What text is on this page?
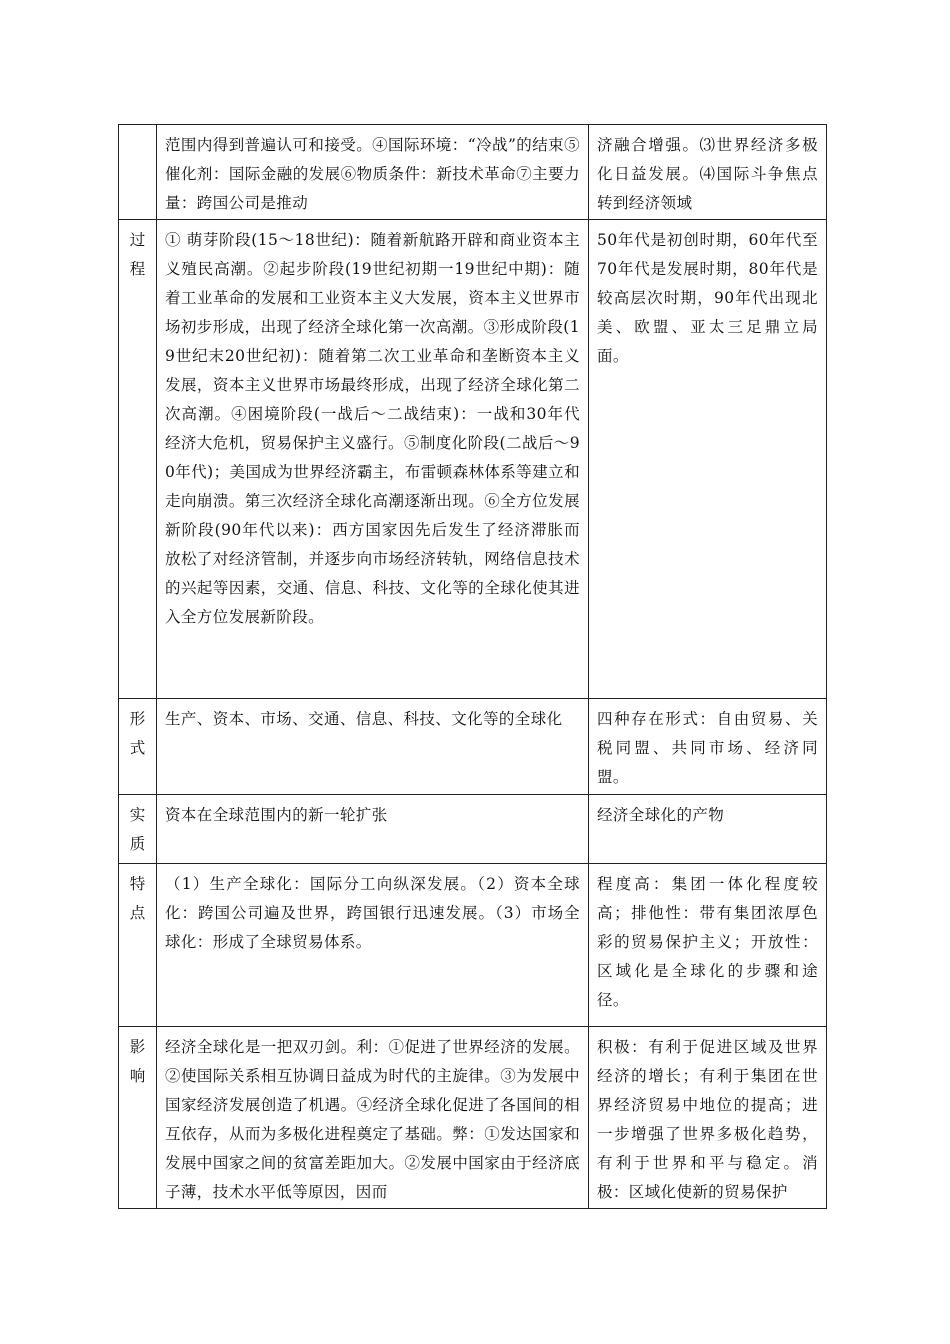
	范围内得到普遍认可和接受。④国际环境：“冷战”的结束⑤催化剂：国际金融的发展⑥物质条件：新技术革命⑦主要力量：跨国公司是推动	济融合增强。⑶世界经济多极化日益发展。⑷国际斗争焦点转到经济领域

过程	① 萌芽阶段(15～18世纪)：随着新航路开辟和商业资本主义殖民高潮。②起步阶段(19世纪初期一19世纪中期)：随着工业革命的发展和工业资本主义大发展，资本主义世界市场初步形成，出现了经济全球化第一次高潮。③形成阶段(19世纪末20世纪初)：随着第二次工业革命和垄断资本主义发展，资本主义世界市场最终形成，出现了经济全球化第二次高潮。④困境阶段(一战后～二战结束)：一战和30年代经济大危机，贸易保护主义盛行。⑤制度化阶段(二战后～90年代)；美国成为世界经济霸主，布雷顿森林体系等建立和走向崩溃。第三次经济全球化高潮逐渐出现。⑥全方位发展新阶段(90年代以来)：西方国家因先后发生了经济滞胀而放松了对经济管制，并逐步向市场经济转轨，网络信息技术的兴起等因素，交通、信息、科技、文化等的全球化使其进入全方位发展新阶段。	50年代是初创时期，60年代至70年代是发展时期，80年代是较高层次时期，90年代出现北美、欧盟、亚太三足鼎立局面。

形式	生产、资本、市场、交通、信息、科技、文化等的全球化	四种存在形式：自由贸易、关税同盟、共同市场、经济同盟。

实质	资本在全球范围内的新一轮扩张	经济全球化的产物

特点	（1）生产全球化：国际分工向纵深发展。（2）资本全球化：跨国公司遍及世界，跨国银行迅速发展。（3）市场全球化：形成了全球贸易体系。	程度高：集团一体化程度较高；排他性：带有集团浓厚色彩的贸易保护主义；开放性：区域化是全球化的步骤和途径。

影响	经济全球化是一把双刃剑。利：①促进了世界经济的发展。②使国际关系相互协调日益成为时代的主旋律。③为发展中国家经济发展创造了机遇。④经济全球化促进了各国间的相互依存，从而为多极化进程奠定了基础。弊：①发达国家和发展中国家之间的贫富差距加大。②发展中国家由于经济底子薄，技术水平低等原因，因而	积极：有利于促进区域及世界经济的增长；有利于集团在世界经济贸易中地位的提高；进一步增强了世界多极化趋势，有利于世界和平与稳定。消极：区域化使新的贸易保护
